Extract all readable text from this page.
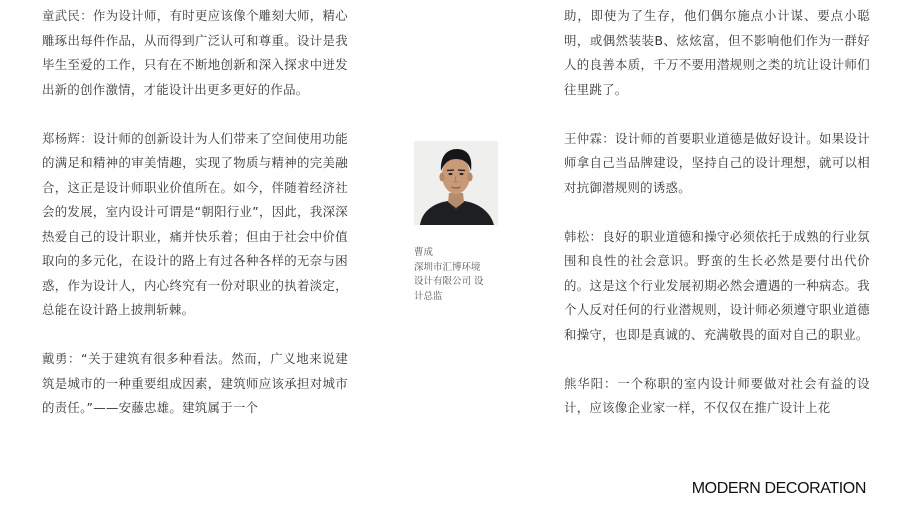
童武民：作为设计师，有时更应该像个雕刻大师，精心雕琢出每件作品，从而得到广泛认可和尊重。设计是我毕生至爱的工作，只有在不断地创新和深入探求中迸发出新的创作激情，才能设计出更多更好的作品。

郑杨辉：设计师的创新设计为人们带来了空间使用功能的满足和精神的审美情趣，实现了物质与精神的完美融合，这正是设计师职业价值所在。如今，伴随着经济社会的发展，室内设计可谓是“朝阳行业”，因此，我深深热爱自己的设计职业，痛并快乐着；但由于社会中价值取向的多元化，在设计的路上有过各种各样的无奈与困惑，作为设计人，内心终究有一份对职业的执着淡定，总能在设计路上披荆斩棘。

戴勇：“关于建筑有很多种看法。然而，广义地来说建筑是城市的一种重要组成因素，建筑师应该承担对城市的责任。”——安藤忠雄。建筑属于一个

曹成
深圳市汇博环境
设计有限公司 设
计总监

助，即使为了生存，他们偶尔施点小计谋、要点小聪明，或偶然装装B、炫炫富，但不影响他们作为一群好人的良善本质，千万不要用潜规则之类的坑让设计师们往里跳了。

王仲霖：设计师的首要职业道德是做好设计。如果设计师拿自己当品牌建设，坚持自己的设计理想，就可以相对抗御潜规则的诱惑。

韩松：良好的职业道德和操守必须依托于成熟的行业氛围和良性的社会意识。野蛮的生长必然是要付出代价的。这是这个行业发展初期必然会遭遇的一种病态。我个人反对任何的行业潜规则，设计师必须遵守职业道德和操守，也即是真诚的、充满敬畏的面对自己的职业。

熊华阳：一个称职的室内设计师要做对社会有益的设计，应该像企业家一样，不仅仅在推广设计上花

MODERN DECORATION
